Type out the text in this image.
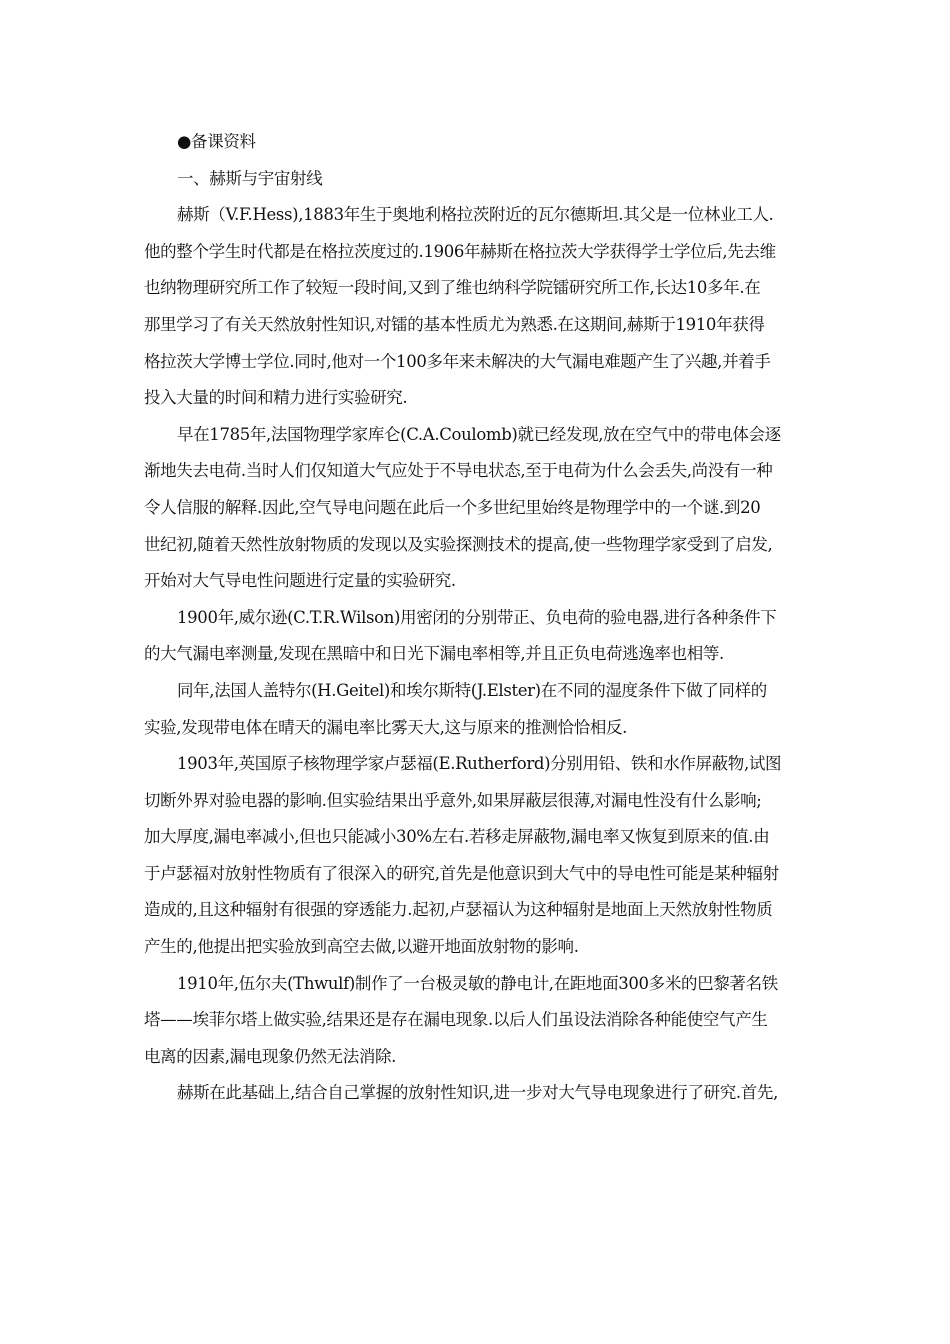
●备课资料

一、赫斯与宇宙射线

赫斯（V.F.Hess),1883年生于奥地利格拉茨附近的瓦尔德斯坦.其父是一位林业工人.

他的整个学生时代都是在格拉茨度过的.1906年赫斯在格拉茨大学获得学士学位后,先去维

也纳物理研究所工作了较短一段时间,又到了维也纳科学院镭研究所工作,长达10多年.在

那里学习了有关天然放射性知识,对镭的基本性质尤为熟悉.在这期间,赫斯于1910年获得

格拉茨大学博士学位.同时,他对一个100多年来未解决的大气漏电难题产生了兴趣,并着手

投入大量的时间和精力进行实验研究.

早在1785年,法国物理学家库仑(C.A.Coulomb)就已经发现,放在空气中的带电体会逐

渐地失去电荷.当时人们仅知道大气应处于不导电状态,至于电荷为什么会丢失,尚没有一种

令人信服的解释.因此,空气导电问题在此后一个多世纪里始终是物理学中的一个谜.到20

世纪初,随着天然性放射物质的发现以及实验探测技术的提高,使一些物理学家受到了启发,

开始对大气导电性问题进行定量的实验研究.

1900年,威尔逊(C.T.R.Wilson)用密闭的分别带正、负电荷的验电器,进行各种条件下

的大气漏电率测量,发现在黑暗中和日光下漏电率相等,并且正负电荷逃逸率也相等.

同年,法国人盖特尔(H.Geitel)和埃尔斯特(J.Elster)在不同的湿度条件下做了同样的

实验,发现带电体在晴天的漏电率比雾天大,这与原来的推测恰恰相反.

1903年,英国原子核物理学家卢瑟福(E.Rutherford)分别用铅、铁和水作屏蔽物,试图

切断外界对验电器的影响.但实验结果出乎意外,如果屏蔽层很薄,对漏电性没有什么影响;

加大厚度,漏电率减小,但也只能减小30%左右.若移走屏蔽物,漏电率又恢复到原来的值.由

于卢瑟福对放射性物质有了很深入的研究,首先是他意识到大气中的导电性可能是某种辐射

造成的,且这种辐射有很强的穿透能力.起初,卢瑟福认为这种辐射是地面上天然放射性物质

产生的,他提出把实验放到高空去做,以避开地面放射物的影响.

1910年,伍尔夫(Thwulf)制作了一台极灵敏的静电计,在距地面300多米的巴黎著名铁

塔——埃菲尔塔上做实验,结果还是存在漏电现象.以后人们虽设法消除各种能使空气产生

电离的因素,漏电现象仍然无法消除.

赫斯在此基础上,结合自己掌握的放射性知识,进一步对大气导电现象进行了研究.首先,
